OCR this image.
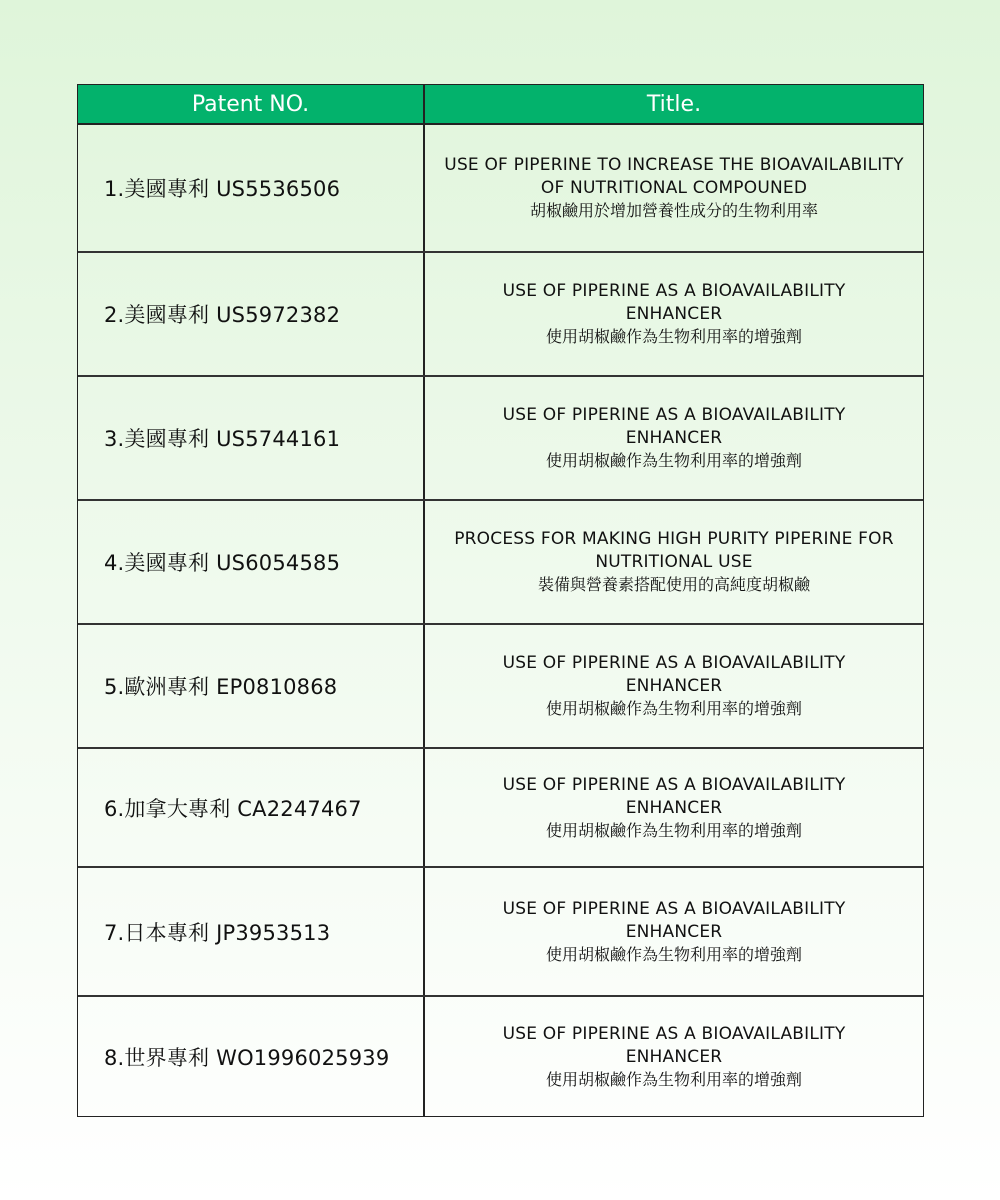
Patent NO.	Title.
1.美國專利 US5536506
USE OF PIPERINE TO INCREASE THE BIOAVAILABILITY OF NUTRITIONAL COMPOUNED
胡椒鹼用於增加營養性成分的生物利用率
2.美國專利 US5972382
USE OF PIPERINE AS A BIOAVAILABILITY ENHANCER
使用胡椒鹼作為生物利用率的增強劑
3.美國專利 US5744161
USE OF PIPERINE AS A BIOAVAILABILITY ENHANCER
使用胡椒鹼作為生物利用率的增強劑
4.美國專利 US6054585
PROCESS FOR MAKING HIGH PURITY PIPERINE FOR NUTRITIONAL USE
裝備與營養素搭配使用的高純度胡椒鹼
5.歐洲專利 EP0810868
USE OF PIPERINE AS A BIOAVAILABILITY ENHANCER
使用胡椒鹼作為生物利用率的增強劑
6.加拿大專利 CA2247467
USE OF PIPERINE AS A BIOAVAILABILITY ENHANCER
使用胡椒鹼作為生物利用率的增強劑
7.日本專利 JP3953513
USE OF PIPERINE AS A BIOAVAILABILITY ENHANCER
使用胡椒鹼作為生物利用率的增強劑
8.世界專利 WO1996025939
USE OF PIPERINE AS A BIOAVAILABILITY ENHANCER
使用胡椒鹼作為生物利用率的增強劑
